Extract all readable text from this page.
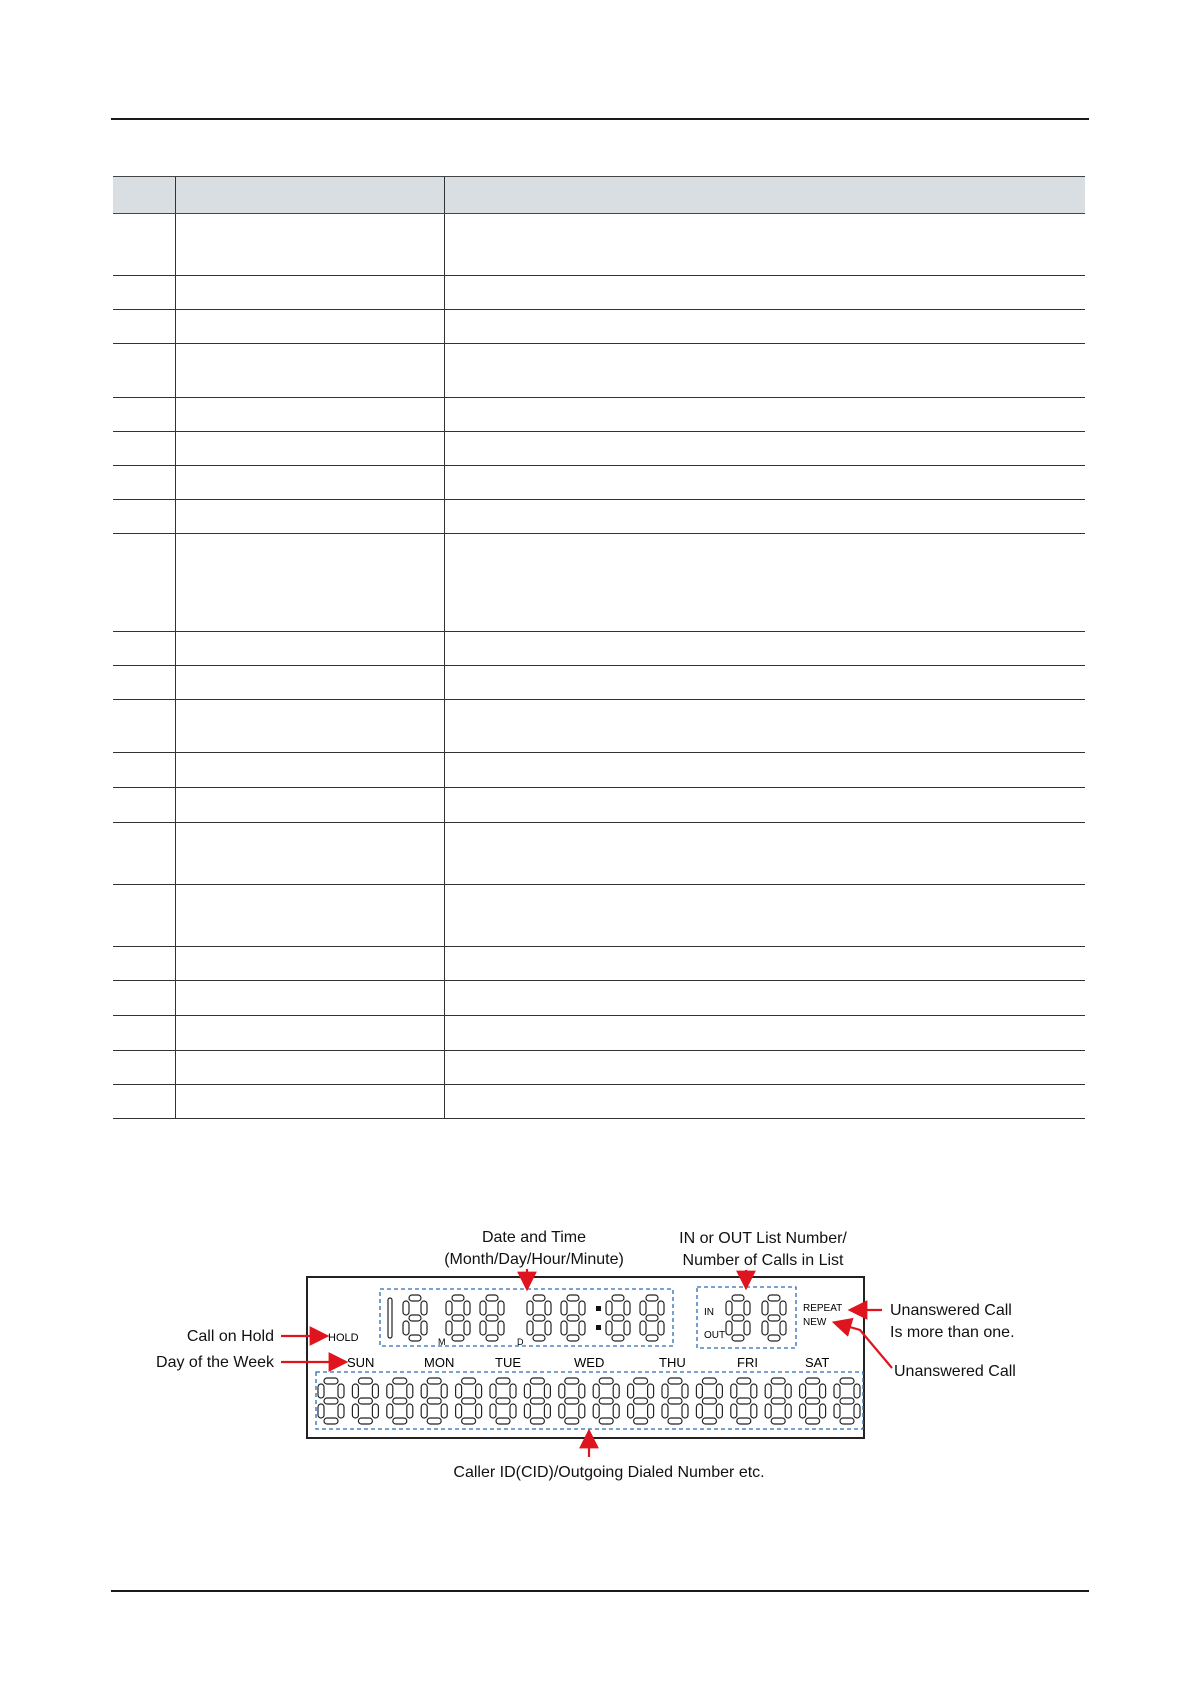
HOLD	M	D
IN
OUT
REPEAT
NEW
SUN	MON	TUE	WED	THU	FRI	SAT
Date and Time
(Month/Day/Hour/Minute)
IN or OUT List Number/
Number of Calls in List
Unanswered Call
Is more than one.
Unanswered Call
Call on Hold
Day of the Week
Caller ID(CID)/Outgoing Dialed Number etc.
